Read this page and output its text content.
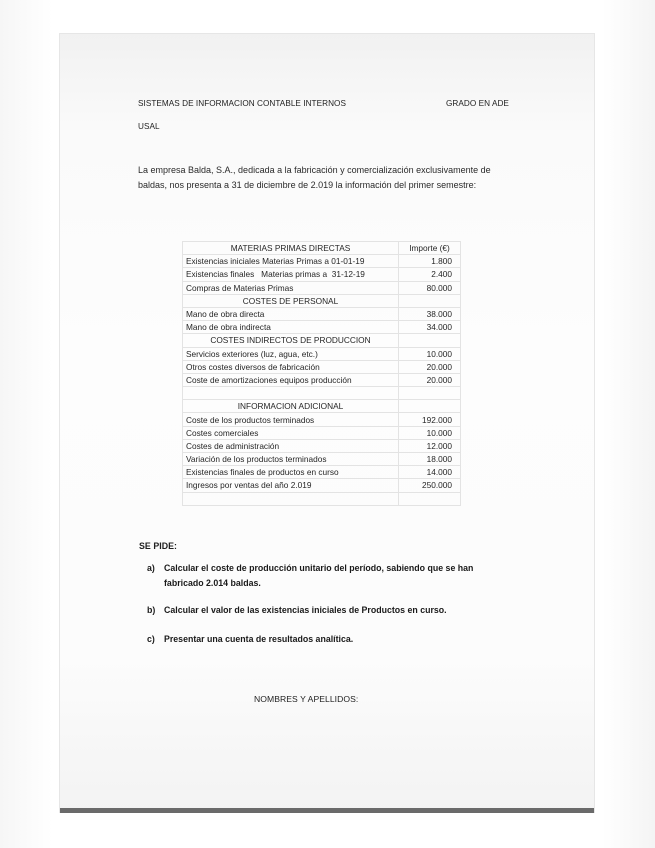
SISTEMAS DE INFORMACION CONTABLE INTERNOS	GRADO EN ADE
USAL
La empresa Balda, S.A., dedicada a la fabricación y comercialización exclusivamente de
baldas, nos presenta a 31 de diciembre de 2.019 la información del primer semestre:
MATERIAS PRIMAS DIRECTAS	Importe (€)
Existencias iniciales Materias Primas a 01-01-19	1.800
Existencias finales   Materias primas a  31-12-19	2.400
Compras de Materias Primas	80.000
COSTES DE PERSONAL	
Mano de obra directa	38.000
Mano de obra indirecta	34.000
COSTES INDIRECTOS DE PRODUCCION	
Servicios exteriores (luz, agua, etc.)	10.000
Otros costes diversos de fabricación	20.000
Coste de amortizaciones equipos producción	20.000

INFORMACION ADICIONAL	
Coste de los productos terminados	192.000
Costes comerciales	10.000
Costes de administración	12.000
Variación de los productos terminados	18.000
Existencias finales de productos en curso	14.000
Ingresos por ventas del año 2.019	250.000

SE PIDE:
a) Calcular el coste de producción unitario del período, sabiendo que se han
fabricado 2.014 baldas.
b) Calcular el valor de las existencias iniciales de Productos en curso.
c) Presentar una cuenta de resultados analítica.
NOMBRES Y APELLIDOS:
